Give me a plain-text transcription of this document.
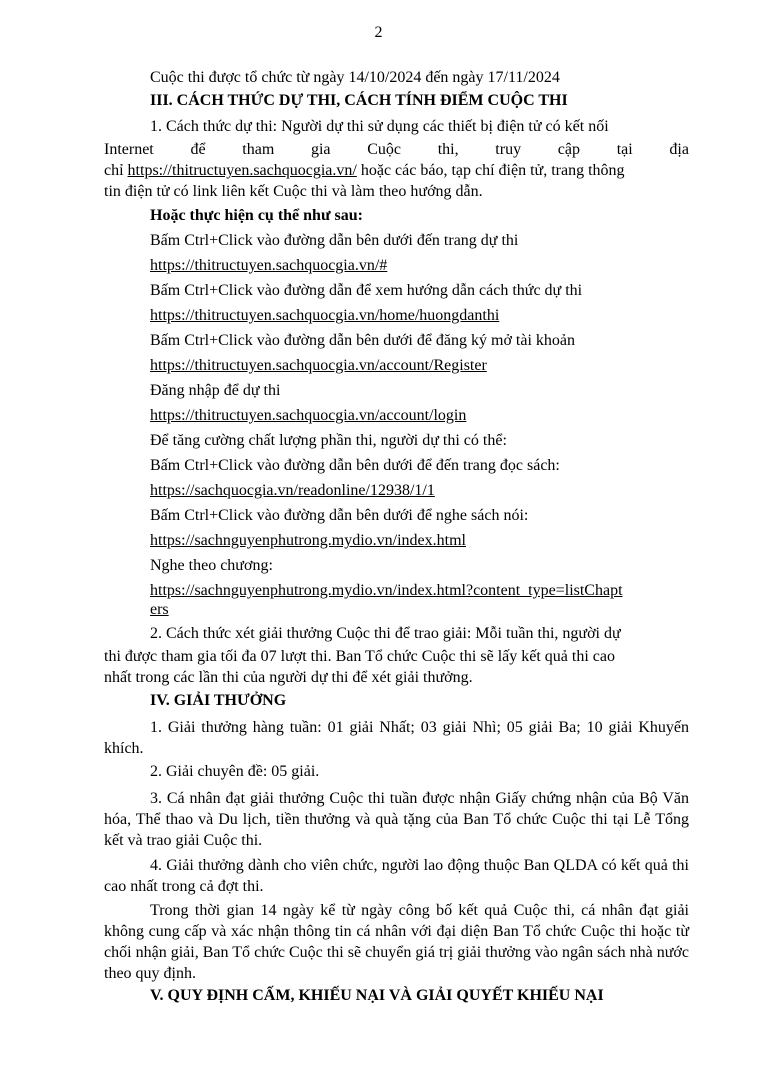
2
Cuộc thi được tổ chức từ ngày 14/10/2024 đến ngày 17/11/2024
III. CÁCH THỨC DỰ THI, CÁCH TÍNH ĐIỂM CUỘC THI
1. Cách thức dự thi: Người dự thi sử dụng các thiết bị điện tử có kết nối
Internet để tham gia Cuộc thi, truy cập tại địa
chỉ https://thitructuyen.sachquocgia.vn/ hoặc các báo, tạp chí điện tử, trang thông
tin điện tử có link liên kết Cuộc thi và làm theo hướng dẫn.
Hoặc thực hiện cụ thể như sau:
Bấm Ctrl+Click vào đường dẫn bên dưới đến trang dự thi
https://thitructuyen.sachquocgia.vn/#
Bấm Ctrl+Click vào đường dẫn để xem hướng dẫn cách thức dự thi
https://thitructuyen.sachquocgia.vn/home/huongdanthi
Bấm Ctrl+Click vào đường dẫn bên dưới để đăng ký mở tài khoản
https://thitructuyen.sachquocgia.vn/account/Register
Đăng nhập để dự thi
https://thitructuyen.sachquocgia.vn/account/login
Để tăng cường chất lượng phần thi, người dự thi có thể:
Bấm Ctrl+Click vào đường dẫn bên dưới để đến trang đọc sách:
https://sachquocgia.vn/readonline/12938/1/1
Bấm Ctrl+Click vào đường dẫn bên dưới để nghe sách nói:
https://sachnguyenphutrong.mydio.vn/index.html
Nghe theo chương:
https://sachnguyenphutrong.mydio.vn/index.html?content_type=listChapt
ers
2. Cách thức xét giải thưởng Cuộc thi để trao giải: Mỗi tuần thi, người dự
thi được tham gia tối đa 07 lượt thi. Ban Tổ chức Cuộc thi sẽ lấy kết quả thi cao
nhất trong các lần thi của người dự thi để xét giải thưởng.
IV. GIẢI THƯỞNG
1. Giải thưởng hàng tuần: 01 giải Nhất; 03 giải Nhì; 05 giải Ba; 10 giải Khuyến khích.
2. Giải chuyên đề: 05 giải.
3. Cá nhân đạt giải thưởng Cuộc thi tuần được nhận Giấy chứng nhận của Bộ Văn hóa, Thể thao và Du lịch, tiền thưởng và quà tặng của Ban Tổ chức Cuộc thi tại Lễ Tổng kết và trao giải Cuộc thi.
4. Giải thưởng dành cho viên chức, người lao động thuộc Ban QLDA có kết quả thi cao nhất trong cả đợt thi.
Trong thời gian 14 ngày kể từ ngày công bố kết quả Cuộc thi, cá nhân đạt giải không cung cấp và xác nhận thông tin cá nhân với đại diện Ban Tổ chức Cuộc thi hoặc từ chối nhận giải, Ban Tổ chức Cuộc thi sẽ chuyển giá trị giải thưởng vào ngân sách nhà nước theo quy định.
V. QUY ĐỊNH CẤM, KHIẾU NẠI VÀ GIẢI QUYẾT KHIẾU NẠI
